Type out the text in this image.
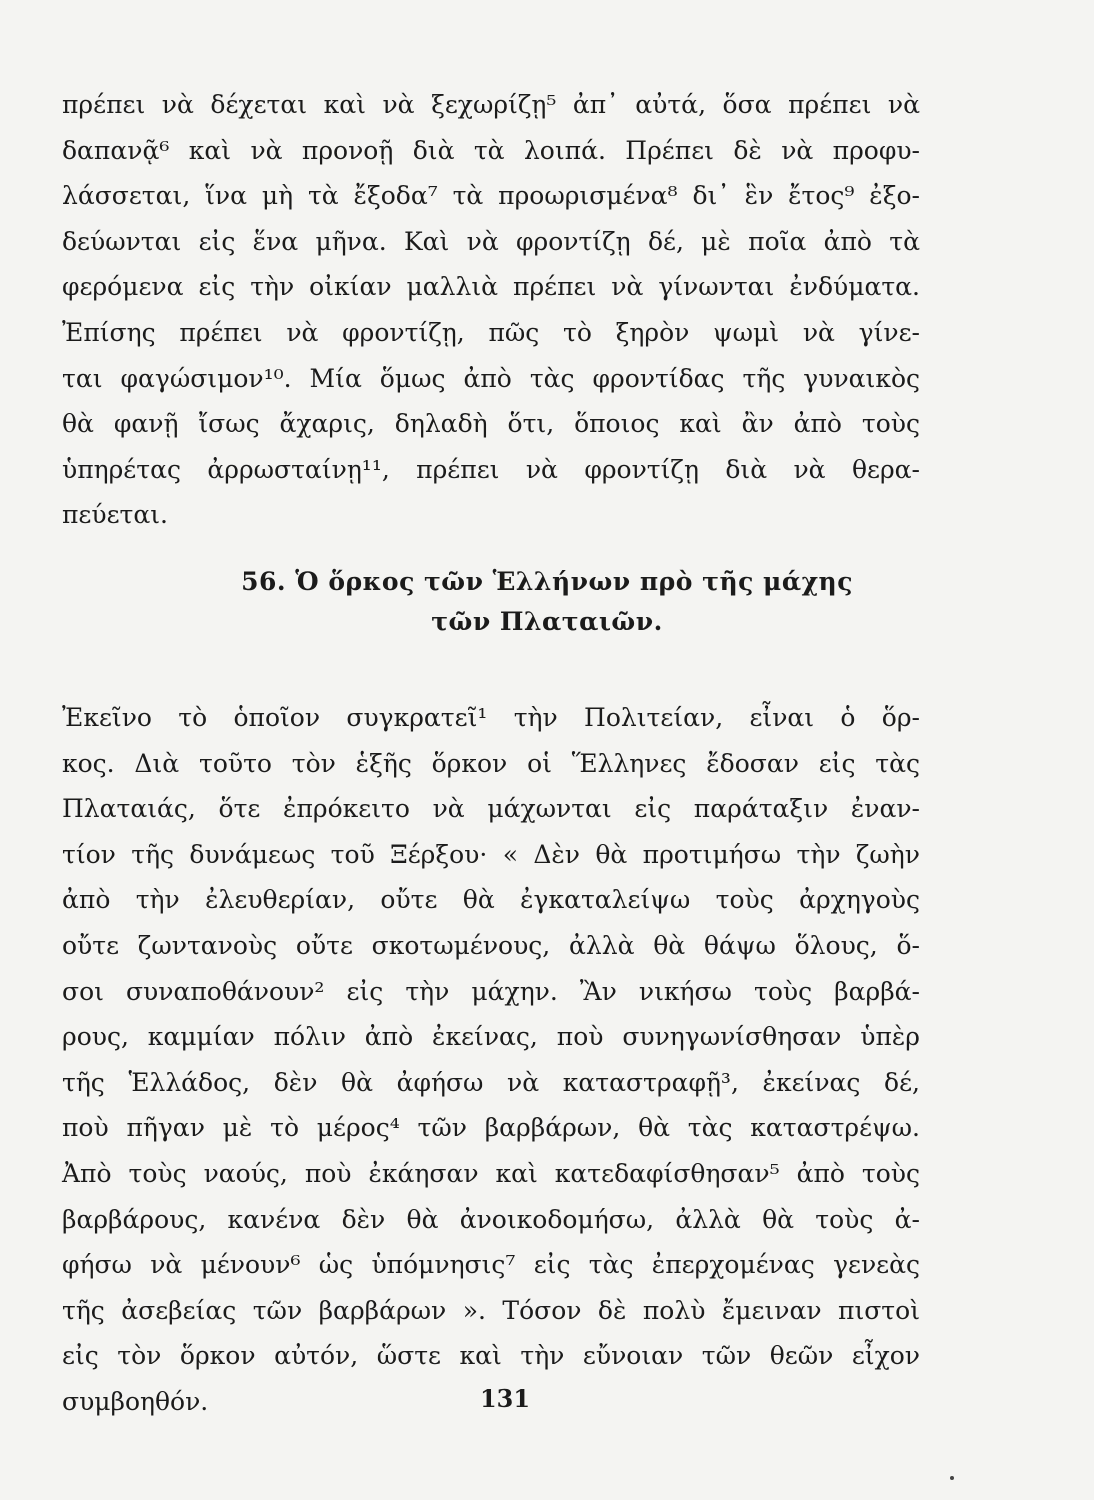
πρέπει νὰ δέχεται καὶ νὰ ξεχωρίζῃ⁵ ἀπ᾽ αὐτά, ὅσα πρέπει νὰ
δαπανᾷ⁶ καὶ νὰ προνοῇ διὰ τὰ λοιπά. Πρέπει δὲ νὰ προφυ-
λάσσεται, ἵνα μὴ τὰ ἔξοδα⁷ τὰ προωρισμένα⁸ δι᾽ ἓν ἔτος⁹ ἐξο-
δεύωνται εἰς ἕνα μῆνα. Καὶ νὰ φροντίζῃ δέ, μὲ ποῖα ἀπὸ τὰ
φερόμενα εἰς τὴν οἰκίαν μαλλιὰ πρέπει νὰ γίνωνται ἐνδύματα.
Ἐπίσης πρέπει νὰ φροντίζῃ, πῶς τὸ ξηρὸν ψωμὶ νὰ γίνε-
ται φαγώσιμον¹⁰. Μία ὅμως ἀπὸ τὰς φροντίδας τῆς γυναικὸς
θὰ φανῇ ἴσως ἄχαρις, δηλαδὴ ὅτι, ὅποιος καὶ ἂν ἀπὸ τοὺς
ὑπηρέτας ἀρρωσταίνῃ¹¹, πρέπει νὰ φροντίζῃ διὰ νὰ θερα-
πεύεται.
56. Ὁ ὅρκος τῶν Ἑλλήνων πρὸ τῆς μάχης
τῶν Πλαταιῶν.
Ἐκεῖνο τὸ ὁποῖον συγκρατεῖ¹ τὴν Πολιτείαν, εἶναι ὁ ὅρ-
κος. Διὰ τοῦτο τὸν ἑξῆς ὅρκον οἱ Ἕλληνες ἔδοσαν εἰς τὰς
Πλαταιάς, ὅτε ἐπρόκειτο νὰ μάχωνται εἰς παράταξιν ἐναν-
τίον τῆς δυνάμεως τοῦ Ξέρξου· « Δὲν θὰ προτιμήσω τὴν ζωὴν
ἀπὸ τὴν ἐλευθερίαν, οὔτε θὰ ἐγκαταλείψω τοὺς ἀρχηγοὺς
οὔτε ζωντανοὺς οὔτε σκοτωμένους, ἀλλὰ θὰ θάψω ὅλους, ὅ-
σοι συναποθάνουν² εἰς τὴν μάχην. Ἂν νικήσω τοὺς βαρβά-
ρους, καμμίαν πόλιν ἀπὸ ἐκείνας, ποὺ συνηγωνίσθησαν ὑπὲρ
τῆς Ἑλλάδος, δὲν θὰ ἀφήσω νὰ καταστραφῇ³, ἐκείνας δέ,
ποὺ πῆγαν μὲ τὸ μέρος⁴ τῶν βαρβάρων, θὰ τὰς καταστρέψω.
Ἀπὸ τοὺς ναούς, ποὺ ἐκάησαν καὶ κατεδαφίσθησαν⁵ ἀπὸ τοὺς
βαρβάρους, κανένα δὲν θὰ ἀνοικοδομήσω, ἀλλὰ θὰ τοὺς ἀ-
φήσω νὰ μένουν⁶ ὡς ὑπόμνησις⁷ εἰς τὰς ἐπερχομένας γενεὰς
τῆς ἀσεβείας τῶν βαρβάρων ». Τόσον δὲ πολὺ ἔμειναν πιστοὶ
εἰς τὸν ὅρκον αὐτόν, ὥστε καὶ τὴν εὔνοιαν τῶν θεῶν εἶχον
συμβοηθόν.	131
